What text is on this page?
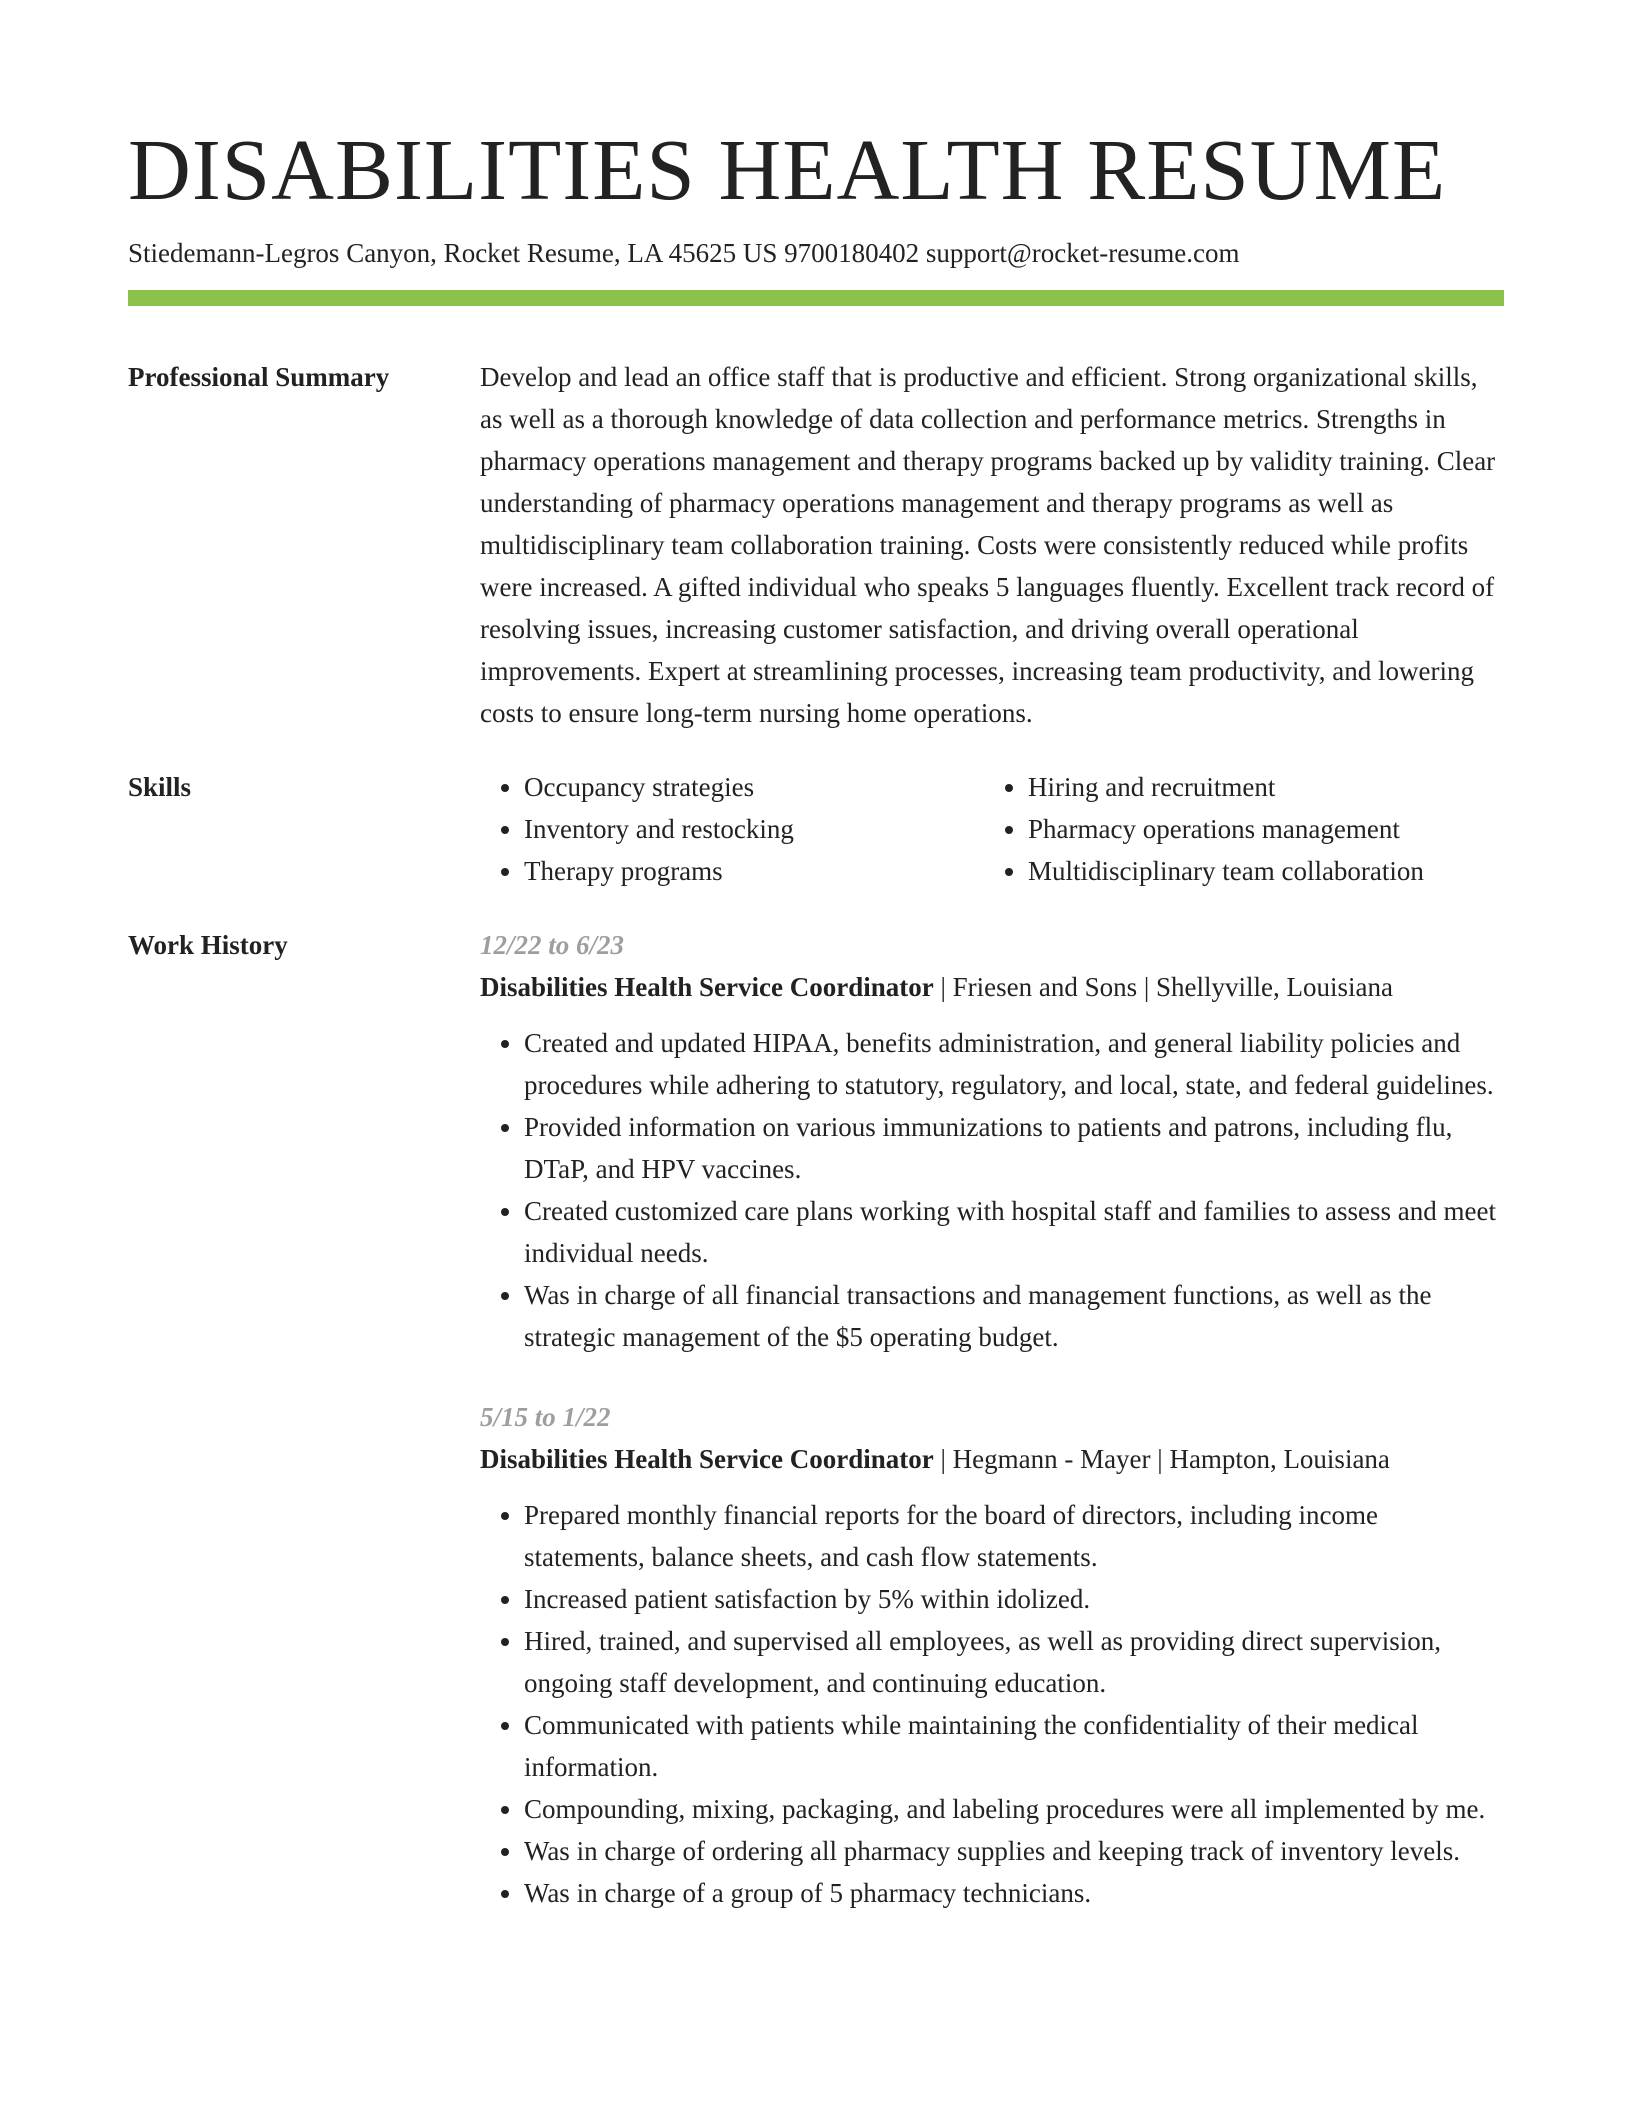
DISABILITIES HEALTH RESUME
Stiedemann-Legros Canyon, Rocket Resume, LA 45625 US 9700180402 support@rocket-resume.com
Professional Summary	Develop and lead an office staff that is productive and efficient. Strong organizational skills, as well as a thorough knowledge of data collection and performance metrics. Strengths in pharmacy operations management and therapy programs backed up by validity training. Clear understanding of pharmacy operations management and therapy programs as well as multidisciplinary team collaboration training. Costs were consistently reduced while profits were increased. A gifted individual who speaks 5 languages fluently. Excellent track record of resolving issues, increasing customer satisfaction, and driving overall operational improvements. Expert at streamlining processes, increasing team productivity, and lowering costs to ensure long-term nursing home operations.
Skills
•	Occupancy strategies
• Inventory and restocking
• Therapy programs
• Hiring and recruitment
• Pharmacy operations management
• Multidisciplinary team collaboration
Work History	12/22 to 6/23
Disabilities Health Service Coordinator | Friesen and Sons | Shellyville, Louisiana
• Created and updated HIPAA, benefits administration, and general liability policies and procedures while adhering to statutory, regulatory, and local, state, and federal guidelines.
• Provided information on various immunizations to patients and patrons, including flu, DTaP, and HPV vaccines.
• Created customized care plans working with hospital staff and families to assess and meet individual needs.
• Was in charge of all financial transactions and management functions, as well as the strategic management of the $5 operating budget.
5/15 to 1/22
Disabilities Health Service Coordinator | Hegmann - Mayer | Hampton, Louisiana
• Prepared monthly financial reports for the board of directors, including income statements, balance sheets, and cash flow statements.
• Increased patient satisfaction by 5% within idolized.
• Hired, trained, and supervised all employees, as well as providing direct supervision, ongoing staff development, and continuing education.
• Communicated with patients while maintaining the confidentiality of their medical information.
• Compounding, mixing, packaging, and labeling procedures were all implemented by me.
• Was in charge of ordering all pharmacy supplies and keeping track of inventory levels.
• Was in charge of a group of 5 pharmacy technicians.
